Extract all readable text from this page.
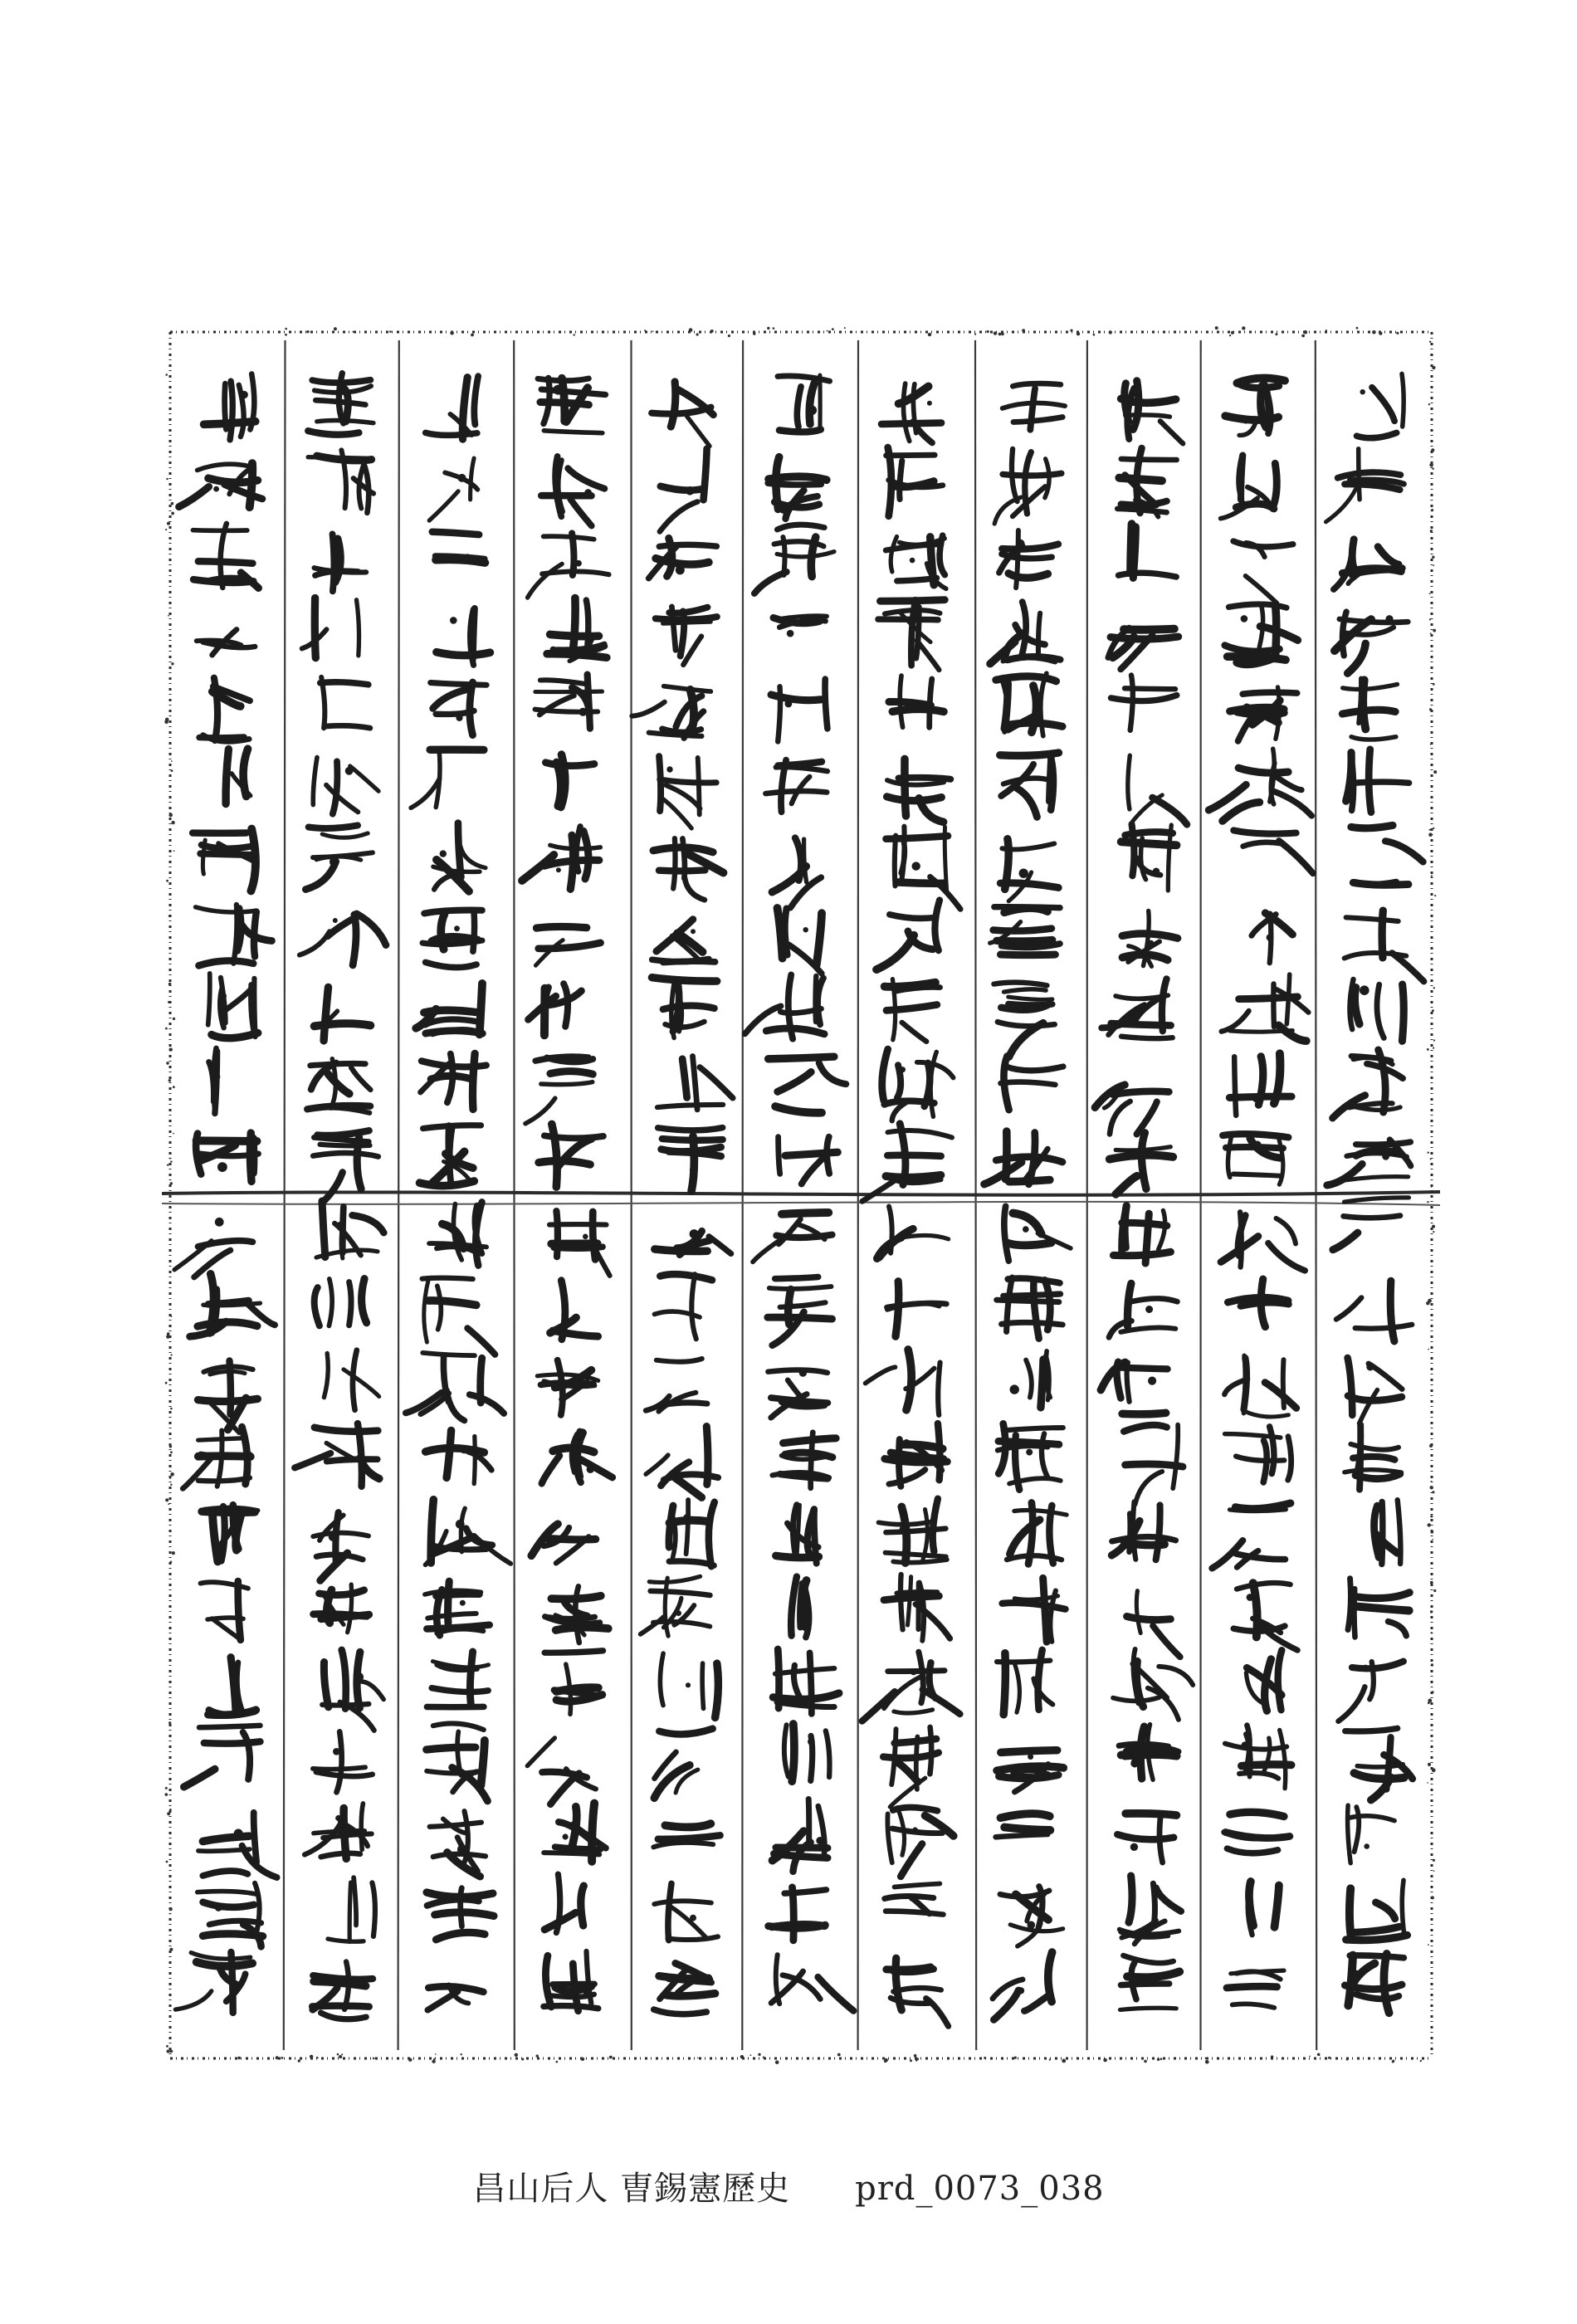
昌山后人 曺錫憲歷史 prd_0073_038
